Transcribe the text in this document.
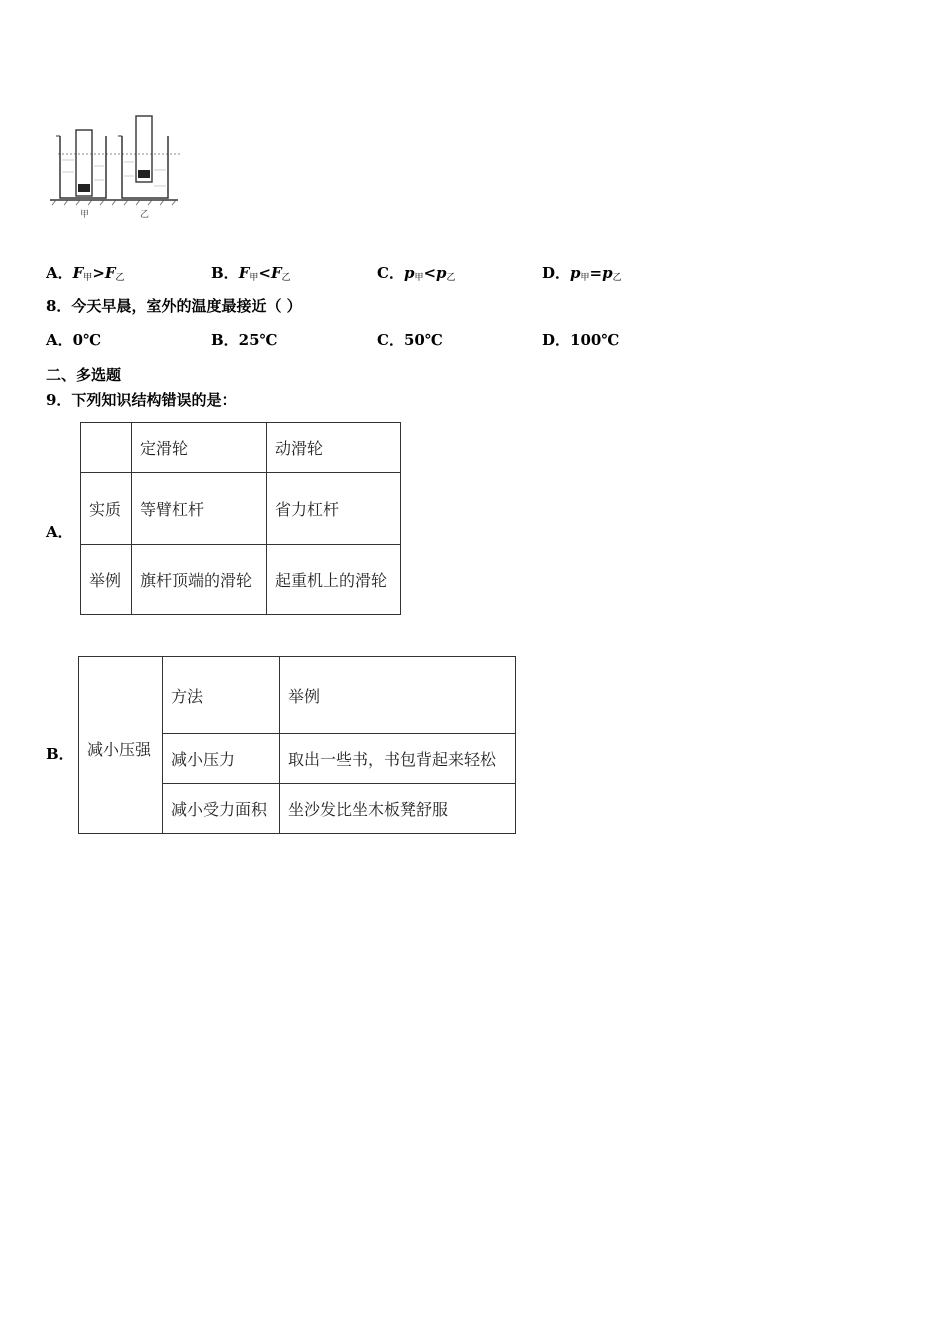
甲	乙
A．$F_甲>F_乙$	B．$F_甲<F_乙$	C．$p_甲<p_乙$	D．$p_甲=p_乙$
8．今天早晨，室外的温度最接近（ ）
A．0℃	B．25℃	C．50℃	D．100℃
二、多选题
9．下列知识结构错误的是：
A．
	定滑轮	动滑轮
实质	等臂杠杆	省力杠杆
举例	旗杆顶端的滑轮	起重机上的滑轮
B． 减小压强	方法	举例
	减小压力	取出一些书，书包背起来轻松
	减小受力面积	坐沙发比坐木板凳舒服
